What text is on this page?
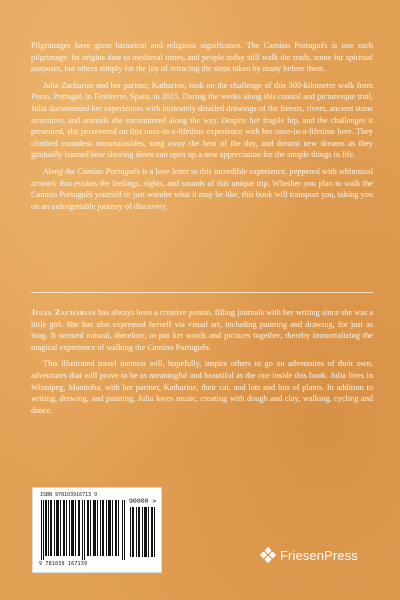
Pilgrimages have great historical and religious significance. The Camino Português is one such pilgrimage. Its origins date to medieval times, and people today still walk the trails, some for spiritual purposes, but others simply for the joy of retracing the steps taken by many before them.

Julia Zacharias and her partner, Katharine, took on the challenge of this 300-kilometre walk from Porto, Portugal, to Finisterre, Spain, in 2015. During the weeks along this coastal and picturesque trail, Julia documented her experiences with intricately detailed drawings of the forests, rivers, ancient stone structures, and animals she encountered along the way. Despite her fragile hip, and the challenges it presented, she persevered on this once-in-a-lifetime experience with her once-in-a-lifetime love. They climbed countless mountainsides, sang away the heat of the day, and dreamt new dreams as they gradually learned how slowing down can open up a new appreciation for the simple things in life.

Along the Camino Português is a love letter to this incredible experience, peppered with whimsical artwork that evokes the feelings, sights, and sounds of this unique trip. Whether you plan to walk the Camino Português yourself or just wonder what it may be like, this book will transport you, taking you on an unforgettable journey of discovery.

Julia Zacharias has always been a creative person, filling journals with her writing since she was a little girl. She has also expressed herself via visual art, including painting and drawing, for just as long. It seemed natural, therefore, to put her words and pictures together, thereby immortalizing the magical experience of walking the Camino Português.

This illustrated travel memoir will, hopefully, inspire others to go on adventures of their own, adventures that will prove to be as meaningful and beautiful as the one inside this book. Julia lives in Winnipeg, Manitoba, with her partner, Katharine, their cat, and lots and lots of plants. In addition to writing, drawing, and painting, Julia loves music, creating with dough and clay, walking, cycling and dance.

ISBN 978103916713 9
90000 >
9 781039 167139
FriesenPress
